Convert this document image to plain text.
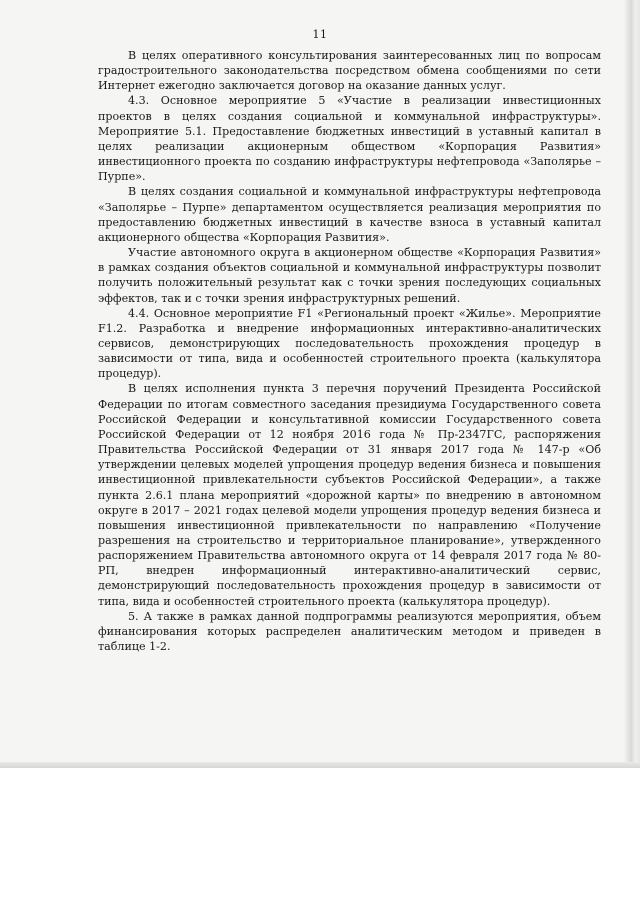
11

В целях оперативного консультирования заинтересованных лиц по вопросам градостроительного законодательства посредством обмена сообщениями по сети Интернет ежегодно заключается договор на оказание данных услуг.

4.3. Основное мероприятие 5 «Участие в реализации инвестиционных проектов в целях создания социальной и коммунальной инфраструктуры». Мероприятие 5.1. Предоставление бюджетных инвестиций в уставный капитал в целях реализации акционерным обществом «Корпорация Развития» инвестиционного проекта по созданию инфраструктуры нефтепровода «Заполярье – Пурпе».

В целях создания социальной и коммунальной инфраструктуры нефтепровода «Заполярье – Пурпе» департаментом осуществляется реализация мероприятия по предоставлению бюджетных инвестиций в качестве взноса в уставный капитал акционерного общества «Корпорация Развития».

Участие автономного округа в акционерном обществе «Корпорация Развития» в рамках создания объектов социальной и коммунальной инфраструктуры позволит получить положительный результат как с точки зрения последующих социальных эффектов, так и с точки зрения инфраструктурных решений.

4.4. Основное мероприятие F1 «Региональный проект «Жилье». Мероприятие F1.2. Разработка и внедрение информационных интерактивно-аналитических сервисов, демонстрирующих последовательность прохождения процедур в зависимости от типа, вида и особенностей строительного проекта (калькулятора процедур).

В целях исполнения пункта 3 перечня поручений Президента Российской Федерации по итогам совместного заседания президиума Государственного совета Российской Федерации и консультативной комиссии Государственного совета Российской Федерации от 12 ноября 2016 года № Пр-2347ГС, распоряжения Правительства Российской Федерации от 31 января 2017 года № 147-р «Об утверждении целевых моделей упрощения процедур ведения бизнеса и повышения инвестиционной привлекательности субъектов Российской Федерации», а также пункта 2.6.1 плана мероприятий «дорожной карты» по внедрению в автономном округе в 2017 – 2021 годах целевой модели упрощения процедур ведения бизнеса и повышения инвестиционной привлекательности по направлению «Получение разрешения на строительство и территориальное планирование», утвержденного распоряжением Правительства автономного округа от 14 февраля 2017 года № 80-РП, внедрен информационный интерактивно-аналитический сервис, демонстрирующий последовательность прохождения процедур в зависимости от типа, вида и особенностей строительного проекта (калькулятора процедур).

5. А также в рамках данной подпрограммы реализуются мероприятия, объем финансирования которых распределен аналитическим методом и приведен в таблице 1-2.
